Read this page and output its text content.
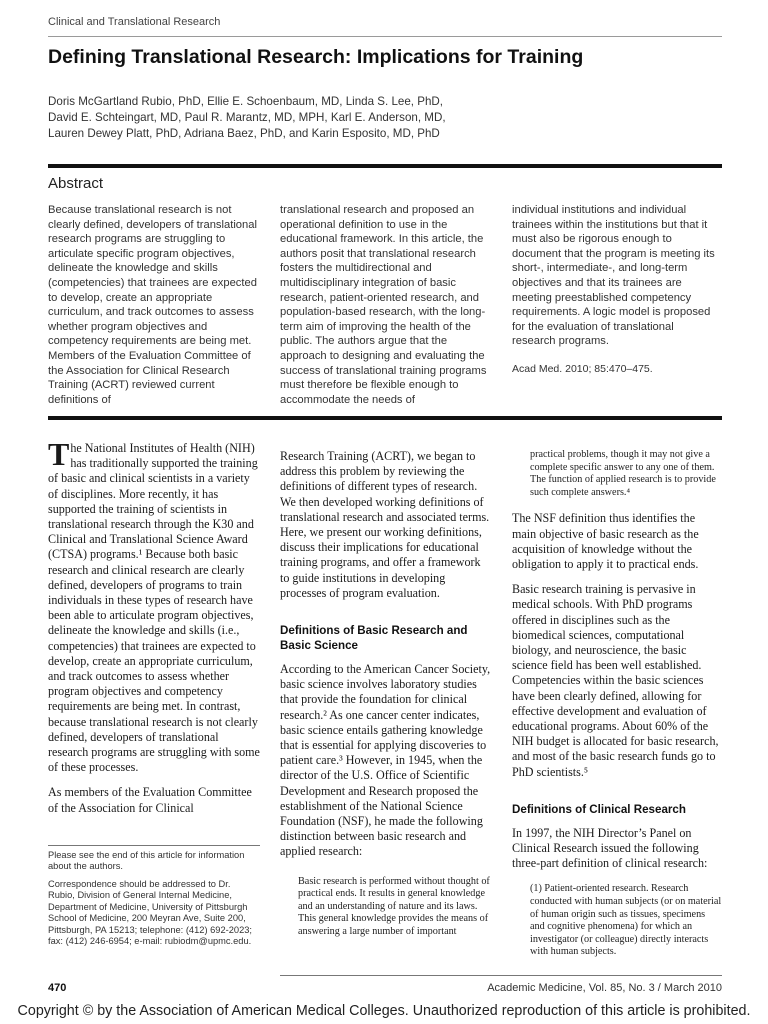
Clinical and Translational Research
Defining Translational Research: Implications for Training
Doris McGartland Rubio, PhD, Ellie E. Schoenbaum, MD, Linda S. Lee, PhD,
David E. Schteingart, MD, Paul R. Marantz, MD, MPH, Karl E. Anderson, MD,
Lauren Dewey Platt, PhD, Adriana Baez, PhD, and Karin Esposito, MD, PhD
Abstract
Because translational research is not clearly defined, developers of translational research programs are struggling to articulate specific program objectives, delineate the knowledge and skills (competencies) that trainees are expected to develop, create an appropriate curriculum, and track outcomes to assess whether program objectives and competency requirements are being met. Members of the Evaluation Committee of the Association for Clinical Research Training (ACRT) reviewed current definitions of
translational research and proposed an operational definition to use in the educational framework. In this article, the authors posit that translational research fosters the multidirectional and multidisciplinary integration of basic research, patient-oriented research, and population-based research, with the long-term aim of improving the health of the public. The authors argue that the approach to designing and evaluating the success of translational training programs must therefore be flexible enough to accommodate the needs of
individual institutions and individual trainees within the institutions but that it must also be rigorous enough to document that the program is meeting its short-, intermediate-, and long-term objectives and that its trainees are meeting preestablished competency requirements. A logic model is proposed for the evaluation of translational research programs.
Acad Med. 2010; 85:470–475.

The National Institutes of Health (NIH) has traditionally supported the training of basic and clinical scientists in a variety of disciplines. More recently, it has supported the training of scientists in translational research through the K30 and Clinical and Translational Science Award (CTSA) programs.¹ Because both basic research and clinical research are clearly defined, developers of programs to train individuals in these types of research have been able to articulate program objectives, delineate the knowledge and skills (i.e., competencies) that trainees are expected to develop, create an appropriate curriculum, and track outcomes to assess whether program objectives and competency requirements are being met. In contrast, because translational research is not clearly defined, developers of translational research programs are struggling with some of these processes.

As members of the Evaluation Committee of the Association for Clinical

Please see the end of this article for information about the authors.
Correspondence should be addressed to Dr. Rubio, Division of General Internal Medicine, Department of Medicine, University of Pittsburgh School of Medicine, 200 Meyran Ave, Suite 200, Pittsburgh, PA 15213; telephone: (412) 692-2023; fax: (412) 246-6954; e-mail: rubiodm@upmc.edu.

Research Training (ACRT), we began to address this problem by reviewing the definitions of different types of research. We then developed working definitions of translational research and associated terms. Here, we present our working definitions, discuss their implications for educational training programs, and offer a framework to guide institutions in developing processes of program evaluation.

Definitions of Basic Research and Basic Science

According to the American Cancer Society, basic science involves laboratory studies that provide the foundation for clinical research.² As one cancer center indicates, basic science entails gathering knowledge that is essential for applying discoveries to patient care.³ However, in 1945, when the director of the U.S. Office of Scientific Development and Research proposed the establishment of the National Science Foundation (NSF), he made the following distinction between basic research and applied research:

Basic research is performed without thought of practical ends. It results in general knowledge and an understanding of nature and its laws. This general knowledge provides the means of answering a large number of important
practical problems, though it may not give a complete specific answer to any one of them. The function of applied research is to provide such complete answers.⁴

The NSF definition thus identifies the main objective of basic research as the acquisition of knowledge without the obligation to apply it to practical ends.

Basic research training is pervasive in medical schools. With PhD programs offered in disciplines such as the biomedical sciences, computational biology, and neuroscience, the basic science field has been well established. Competencies within the basic sciences have been clearly defined, allowing for effective development and evaluation of educational programs. About 60% of the NIH budget is allocated for basic research, and most of the basic research funds go to PhD scientists.⁵

Definitions of Clinical Research

In 1997, the NIH Director’s Panel on Clinical Research issued the following three-part definition of clinical research:

(1) Patient-oriented research. Research conducted with human subjects (or on material of human origin such as tissues, specimens and cognitive phenomena) for which an investigator (or colleague) directly interacts with human subjects.
470	Academic Medicine, Vol. 85, No. 3 / March 2010
Copyright © by the Association of American Medical Colleges. Unauthorized reproduction of this article is prohibited.
